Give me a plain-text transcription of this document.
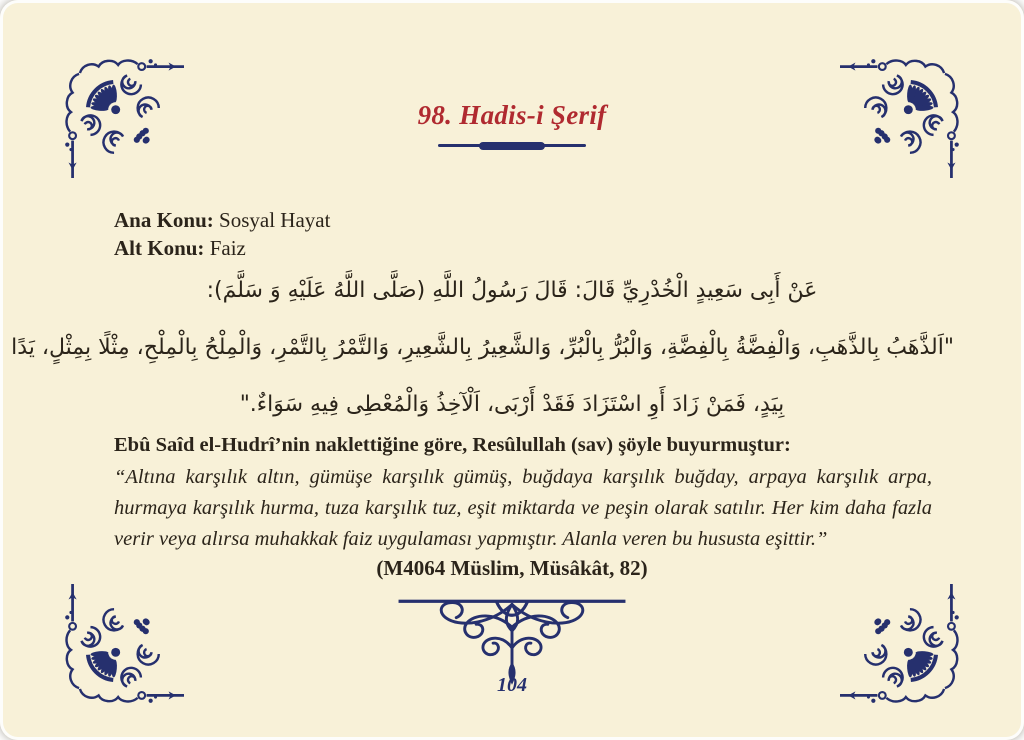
98. Hadis-i Şerif
Ana Konu: Sosyal Hayat
Alt Konu: Faiz
عَنْ أَبِى سَعِيدٍ الْخُدْرِيِّ قَالَ: قَالَ رَسُولُ اللَّهِ (صَلَّى اللَّهُ عَلَيْهِ وَ سَلَّمَ):
"اَلذَّهَبُ بِالذَّهَبِ، وَالْفِضَّةُ بِالْفِضَّةِ، وَالْبُرُّ بِالْبُرِّ، وَالشَّعِيرُ بِالشَّعِيرِ، وَالتَّمْرُ بِالتَّمْرِ، وَالْمِلْحُ بِالْمِلْحِ، مِثْلًا بِمِثْلٍ، يَدًا
بِيَدٍ، فَمَنْ زَادَ أَوِ اسْتَزَادَ فَقَدْ أَرْبَى، اَلْآخِذُ وَالْمُعْطِى فِيهِ سَوَاءٌ."
Ebû Saîd el-Hudrî’nin naklettiğine göre, Resûlullah (sav) şöyle buyurmuştur:
“Altına karşılık altın, gümüşe karşılık gümüş, buğdaya karşılık buğday, arpaya karşılık arpa, hurmaya karşılık hurma, tuza karşılık tuz, eşit miktarda ve peşin olarak satılır. Her kim daha fazla verir veya alırsa muhakkak faiz uygulaması yapmıştır. Alanla veren bu hususta eşittir.”
(M4064 Müslim, Müsâkât, 82)
104
